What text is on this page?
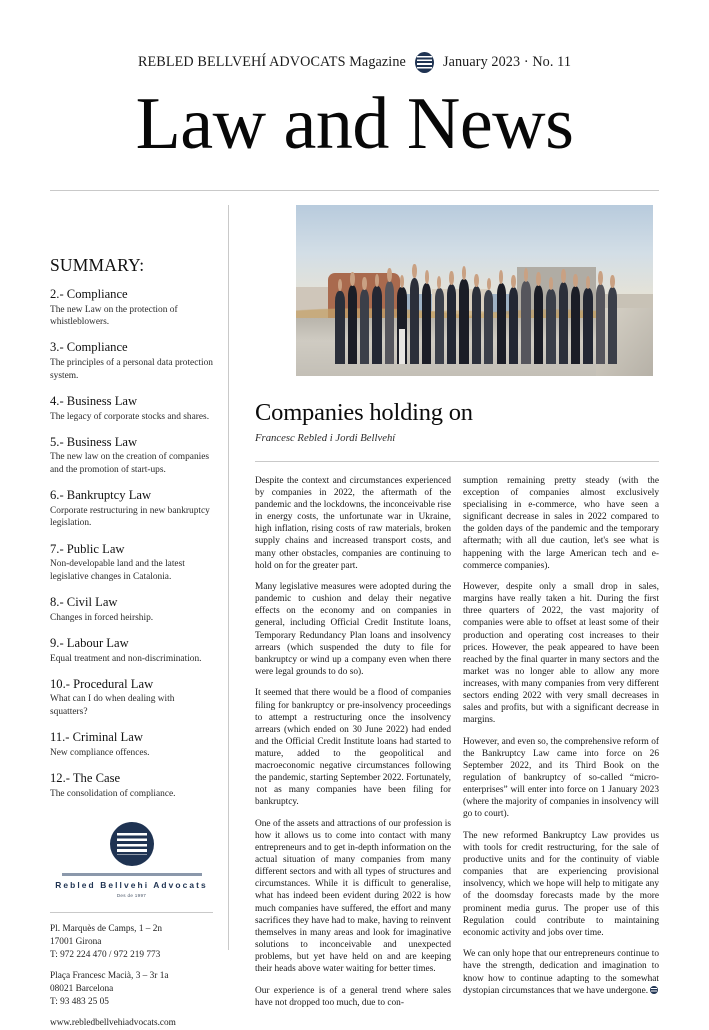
REBLED BELLVEHÍ ADVOCATS Magazine	January 2023 · No. 11
Law and News
SUMMARY:
2.- Compliance
The new Law on the protection of whistleblowers.
3.- Compliance
The principles of a personal data protection system.
4.- Business Law
The legacy of corporate stocks and shares.
5.- Business Law
The new law on the creation of companies and the promotion of start-ups.
6.- Bankruptcy Law
Corporate restructuring in new bankruptcy legislation.
7.- Public Law
Non-developable land and the latest legislative changes in Catalonia.
8.- Civil Law
Changes in forced heirship.
9.- Labour Law
Equal treatment and non-discrimination.
10.- Procedural Law
What can I do when dealing with squatters?
11.- Criminal Law
New compliance offences.
12.- The Case
The consolidation of compliance.
Rebled Bellvehi Advocats
Des de 1997
Pl. Marquès de Camps, 1 – 2n
17001 Girona
T: 972 224 470 / 972 219 773
Plaça Francesc Macià, 3 – 3r 1a
08021 Barcelona
T: 93 483 25 05
www.rebledbellvehiadvocats.com
Companies holding on
Francesc Rebled i Jordi Bellvehí

Despite the context and circumstances experienced by companies in 2022, the aftermath of the pandemic and the lockdowns, the inconceivable rise in energy costs, the unfortunate war in Ukraine, high inflation, rising costs of raw materials, broken supply chains and increased transport costs, and many other obstacles, companies are continuing to hold on for the greater part.

Many legislative measures were adopted during the pandemic to cushion and delay their negative effects on the economy and on companies in general, including Official Credit Institute loans, Temporary Redundancy Plan loans and insolvency arrears (which suspended the duty to file for bankruptcy or wind up a company even when there were legal grounds to do so).

It seemed that there would be a flood of companies filing for bankruptcy or pre-insolvency proceedings to attempt a restructuring once the insolvency arrears (which ended on 30 June 2022) had ended and the Official Credit Institute loans had started to mature, added to the geopolitical and macroeconomic negative circumstances following the pandemic, starting September 2022. Fortunately, not as many companies have been filing for bankruptcy.

One of the assets and attractions of our profession is how it allows us to come into contact with many entrepreneurs and to get in-depth information on the actual situation of many companies from many different sectors and with all types of structures and circumstances. While it is difficult to generalise, what has indeed been evident during 2022 is how much companies have suffered, the effort and many sacrifices they have had to make, having to reinvent themselves in many areas and look for imaginative solutions to inconceivable and unexpected problems, but yet have held on and are keeping their heads above water waiting for better times.

Our experience is of a general trend where sales have not dropped too much, due to con-

sumption remaining pretty steady (with the exception of companies almost exclusively specialising in e-commerce, who have seen a significant decrease in sales in 2022 compared to the golden days of the pandemic and the temporary aftermath; with all due caution, let's see what is happening with the large American tech and e-commerce companies).

However, despite only a small drop in sales, margins have really taken a hit. During the first three quarters of 2022, the vast majority of companies were able to offset at least some of their production and operating cost increases to their prices. However, the peak appeared to have been reached by the final quarter in many sectors and the market was no longer able to allow any more increases, with many companies from very different sectors ending 2022 with very small decreases in sales and profits, but with a significant decrease in margins.

However, and even so, the comprehensive reform of the Bankruptcy Law came into force on 26 September 2022, and its Third Book on the regulation of bankruptcy of so-called “micro-enterprises” will enter into force on 1 January 2023 (where the majority of companies in insolvency will go to court).

The new reformed Bankruptcy Law provides us with tools for credit restructuring, for the sale of productive units and for the continuity of viable companies that are experiencing provisional insolvency, which we hope will help to mitigate any of the doomsday forecasts made by the more prominent media gurus. The proper use of this Regulation could contribute to maintaining economic activity and jobs over time.

We can only hope that our entrepreneurs continue to have the strength, dedication and imagination to know how to continue adapting to the somewhat dystopian circumstances that we have undergone.
